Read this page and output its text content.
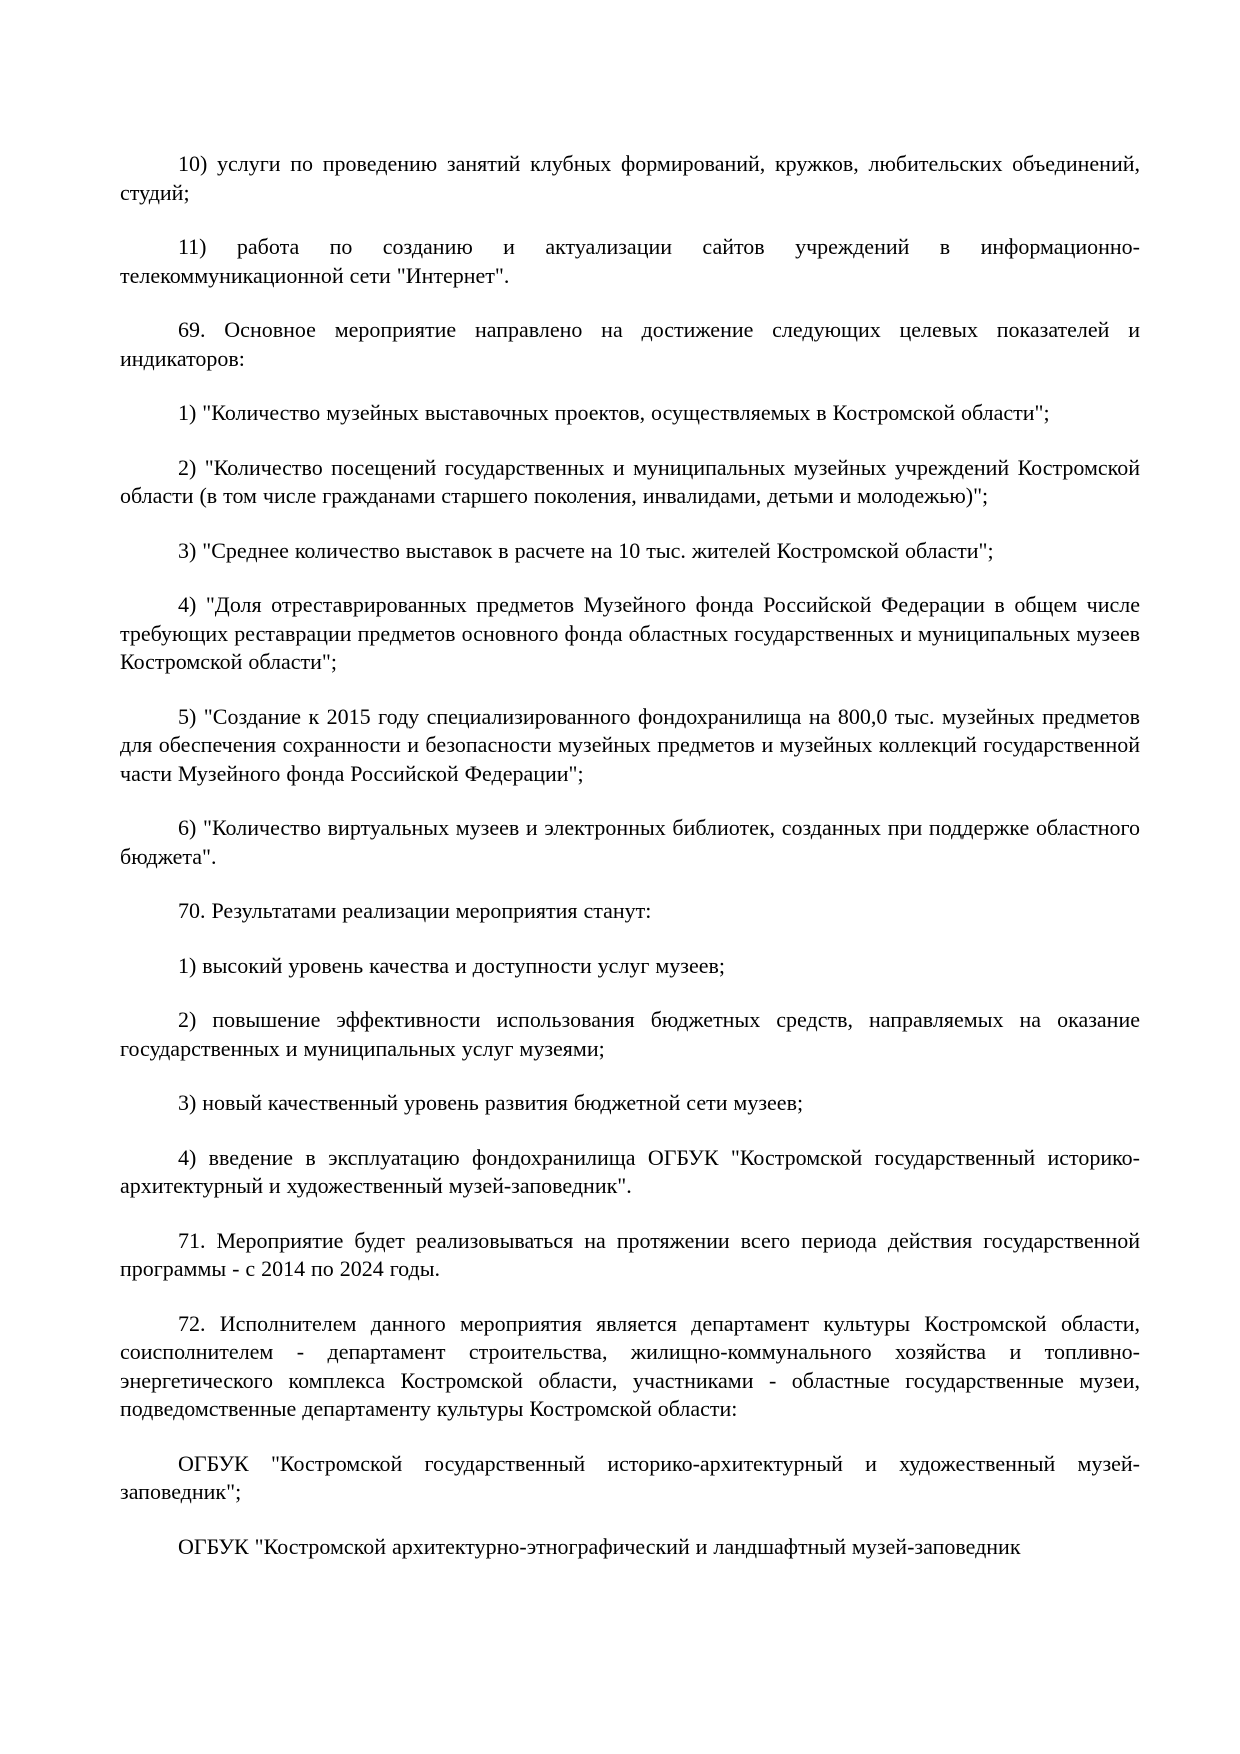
10) услуги по проведению занятий клубных формирований, кружков, любительских объединений, студий;

11) работа по созданию и актуализации сайтов учреждений в информационно-телекоммуникационной сети "Интернет".

69. Основное мероприятие направлено на достижение следующих целевых показателей и индикаторов:

1) "Количество музейных выставочных проектов, осуществляемых в Костромской области";

2) "Количество посещений государственных и муниципальных музейных учреждений Костромской области (в том числе гражданами старшего поколения, инвалидами, детьми и молодежью)";

3) "Среднее количество выставок в расчете на 10 тыс. жителей Костромской области";

4) "Доля отреставрированных предметов Музейного фонда Российской Федерации в общем числе требующих реставрации предметов основного фонда областных государственных и муниципальных музеев Костромской области";

5) "Создание к 2015 году специализированного фондохранилища на 800,0 тыс. музейных предметов для обеспечения сохранности и безопасности музейных предметов и музейных коллекций государственной части Музейного фонда Российской Федерации";

6) "Количество виртуальных музеев и электронных библиотек, созданных при поддержке областного бюджета".

70. Результатами реализации мероприятия станут:

1) высокий уровень качества и доступности услуг музеев;

2) повышение эффективности использования бюджетных средств, направляемых на оказание государственных и муниципальных услуг музеями;

3) новый качественный уровень развития бюджетной сети музеев;

4) введение в эксплуатацию фондохранилища ОГБУК "Костромской государственный историко-архитектурный и художественный музей-заповедник".

71. Мероприятие будет реализовываться на протяжении всего периода действия государственной программы - с 2014 по 2024 годы.

72. Исполнителем данного мероприятия является департамент культуры Костромской области, соисполнителем - департамент строительства, жилищно-коммунального хозяйства и топливно-энергетического комплекса Костромской области, участниками - областные государственные музеи, подведомственные департаменту культуры Костромской области:

ОГБУК "Костромской государственный историко-архитектурный и художественный музей-заповедник";

ОГБУК "Костромской архитектурно-этнографический и ландшафтный музей-заповедник
